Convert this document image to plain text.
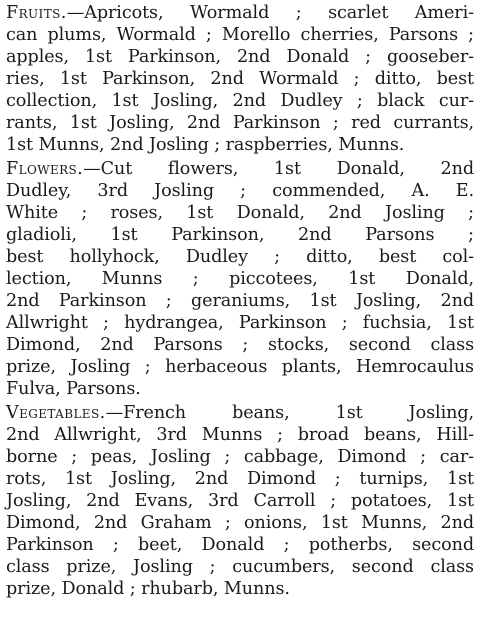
Fruits.—Apricots, Wormald ; scarlet Ameri-
can plums, Wormald ; Morello cherries, Parsons ;
apples, 1st Parkinson, 2nd Donald ; gooseber-
ries, 1st Parkinson, 2nd Wormald ; ditto, best
collection, 1st Josling, 2nd Dudley ; black cur-
rants, 1st Josling, 2nd Parkinson ; red currants,
1st Munns, 2nd Josling ; raspberries, Munns.
Flowers.—Cut flowers, 1st Donald, 2nd
Dudley, 3rd Josling ; commended, A. E.
White ; roses, 1st Donald, 2nd Josling ;
gladioli, 1st Parkinson, 2nd Parsons ;
best hollyhock, Dudley ; ditto, best col-
lection, Munns ; piccotees, 1st Donald,
2nd Parkinson ; geraniums, 1st Josling, 2nd
Allwright ; hydrangea, Parkinson ; fuchsia, 1st
Dimond, 2nd Parsons ; stocks, second class
prize, Josling ; herbaceous plants, Hemrocaulus
Fulva, Parsons.
Vegetables.—French beans, 1st Josling,
2nd Allwright, 3rd Munns ; broad beans, Hill-
borne ; peas, Josling ; cabbage, Dimond ; car-
rots, 1st Josling, 2nd Dimond ; turnips, 1st
Josling, 2nd Evans, 3rd Carroll ; potatoes, 1st
Dimond, 2nd Graham ; onions, 1st Munns, 2nd
Parkinson ; beet, Donald ; potherbs, second
class prize, Josling ; cucumbers, second class
prize, Donald ; rhubarb, Munns.
